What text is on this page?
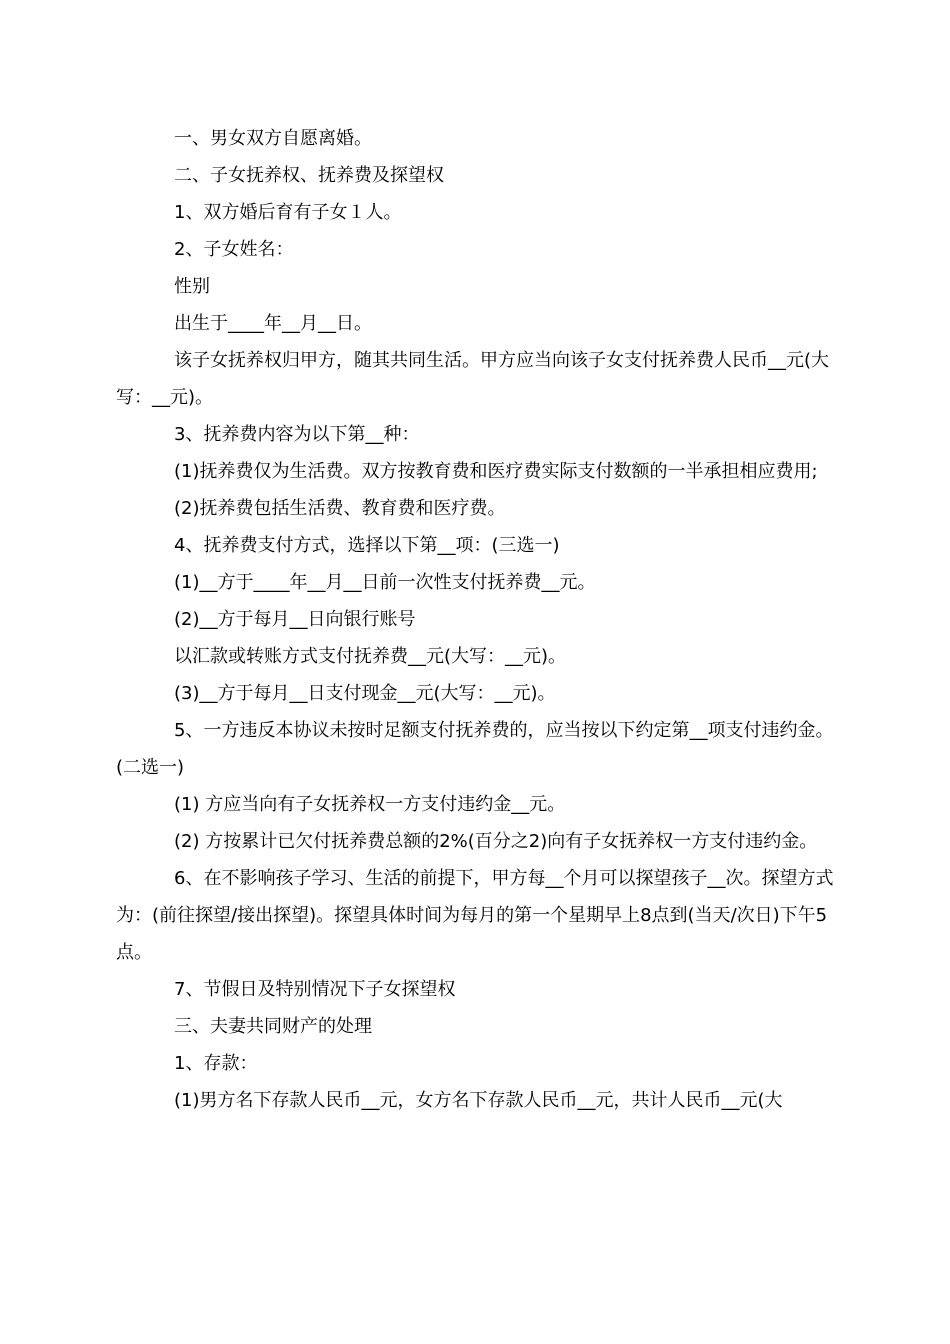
一、男女双方自愿离婚。

二、子女抚养权、抚养费及探望权

1、双方婚后育有子女１人。

2、子女姓名：

性别

出生于____年__月__日。

该子女抚养权归甲方，随其共同生活。甲方应当向该子女支付抚养费人民币__元(大写：__元)。

3、抚养费内容为以下第__种：

(1)抚养费仅为生活费。双方按教育费和医疗费实际支付数额的一半承担相应费用;

(2)抚养费包括生活费、教育费和医疗费。

4、抚养费支付方式，选择以下第__项：(三选一)

(1)__方于____年__月__日前一次性支付抚养费__元。

(2)__方于每月__日向银行账号

以汇款或转账方式支付抚养费__元(大写：__元)。

(3)__方于每月__日支付现金__元(大写：__元)。

5、一方违反本协议未按时足额支付抚养费的，应当按以下约定第__项支付违约金。(二选一)

(1) 方应当向有子女抚养权一方支付违约金__元。

(2) 方按累计已欠付抚养费总额的2%(百分之2)向有子女抚养权一方支付违约金。

6、在不影响孩子学习、生活的前提下，甲方每__个月可以探望孩子__次。探望方式为：(前往探望/接出探望)。探望具体时间为每月的第一个星期早上8点到(当天/次日)下午5点。

7、节假日及特别情况下子女探望权

三、夫妻共同财产的处理

1、存款：

(1)男方名下存款人民币__元，女方名下存款人民币__元，共计人民币__元(大
